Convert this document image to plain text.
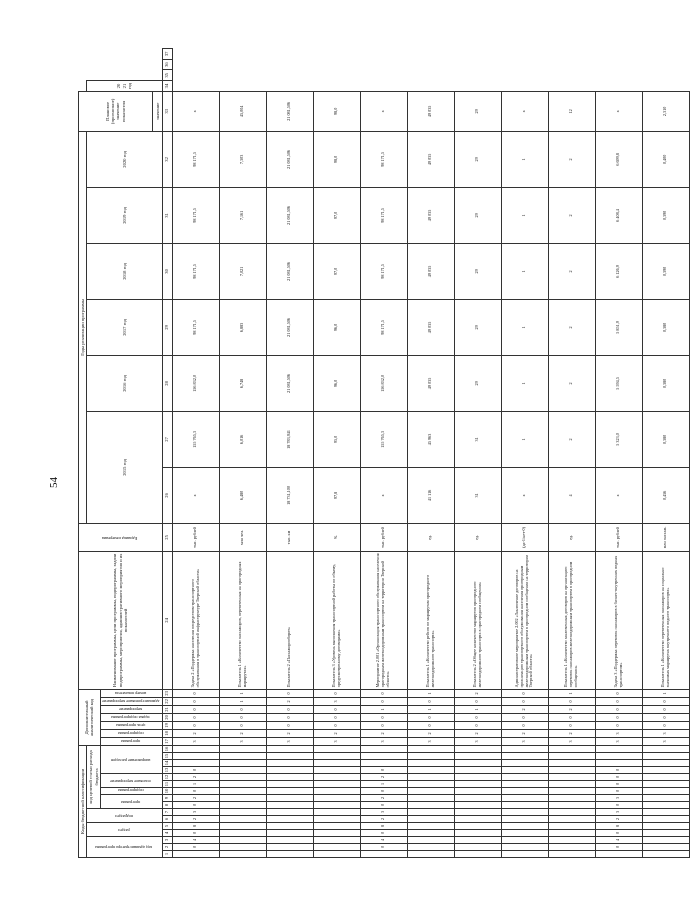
54
Коды бюджетной классификации																Дополнительный аналитический код							Наименование программы, цели программы, подпрограммы, задачи подпрограммы, мероприятия, административного мероприятия и их показателей	Единица измерения	Годы реализации программы							Плановое (прогнозное) значение показателя				
код администратора программы			раздел		подраздел		код целевой статьи расхода бюджета																		2015 год		2016 год	2017 год	2018 год	2019 год	2020 год		2021 год			
							программа		подпрограмма	основное мероприятие		направление расходов				программа	подпрограмма	цель программы	задача подпрограммы	мероприятие	административное мероприятие	номер показателя														
																																значение				
1	2	3	4	5	6	7	8	9	10	11	12	13	14	15	16	17	18	19	20	21	22	23	24	25	26	27	28	29	30	31	32	33	34	35	36	37
	0	4	0	8	2	3	0	2	0	1	2	0				3	2	0	0	0	0	0	Задача 2 «Поддержка населения посредством транспортного обслуживания в транспортной инфраструктуре Тверской области»	тыс. рублей	х	155 765,3	156 832,0	98 171,5	98 171,5	98 171,5	98 171,5	х				
																3	2	0	0	0	1	1	Показатель 1 «Количество пассажиров, перевезенных на пригородных маршрутах»	млн чел.	6,480	6,016	6,748	6,883	7,021	7,161	7,303	45,004				
																3	2	0	0	0	2	0	Показатель 2 «Пассажирооборот»	тыс. км	18 731,100	18 783,941	21 081,506	21 081,506	21 081,506	21 081,506	21 081,506	21 081,506				
																3	2	0	0	0	3	0	Показатель 3 «Уровень выполнения транспортной работы по объему, предусмотренному договорами»	%	97,8	95,0	96,0	96,0	97,0	97,0	98,0	98,0				
	0	4	0	8	2	3	0	2	0	1	2	0				3	2	0	0	1	0	0	Мероприятие 2.001 «Организация транспортного обслуживания населения пригородным железнодорожным транспортом на территории Тверской области»	тыс. рублей	х	155 765,3	156 832,0	98 171,5	98 171,5	98 171,5	98 171,5	х				
																3	2	0	0	1	0	1	Показатель 1 «Количество рейсов по маршрутам пригородного железнодорожного транспорта»	ед.	41 116	45 963	49 035	49 035	49 035	49 035	49 035	49 035				
																3	2	0	0	1	0	2	Показатель 2 «Общее количество маршрутов пригородного железнодорожного транспорта в пригородном сообщении»	ед.	31	31	29	29	29	29	29	29				
																3	2	0	0	2	0	0	Административное мероприятие 2.002 «Заключение договоров на организацию транспортного обслуживания населения пригородным железнодорожным транспортом в пригородном сообщении на территории Тверской области»	(да-1/нет-0)	х	1	1	1	1	1	1	х				
																3	2	0	0	2	0	1	Показатель 1 «Количество заключенных договоров на организацию перевозок пассажиров железнодорожным транспортом в пригородном сообщении»	ед.	4	2	2	2	2	2	2	12				
	0	4	0	8	2	3	0	3	0	0	0	0				3	3	0	0	0	0	0	Задача 3 «Поддержка перевозок пассажиров в бизнес-внутренних водных транспортом»	тыс. рублей	х	5 323,0	5 594,5	5 851,9	6 126,9	6 408,4	6 699,8	х				
																3	3	0	0	0	0	1	Показатель 1 «Количество перевезенных пассажиров на социально значимых маршрутах внутреннего водного транспорта»	млн пассаж.	0,456	0,380	0,380	0,380	0,390	0,390	0,400	2,310				
